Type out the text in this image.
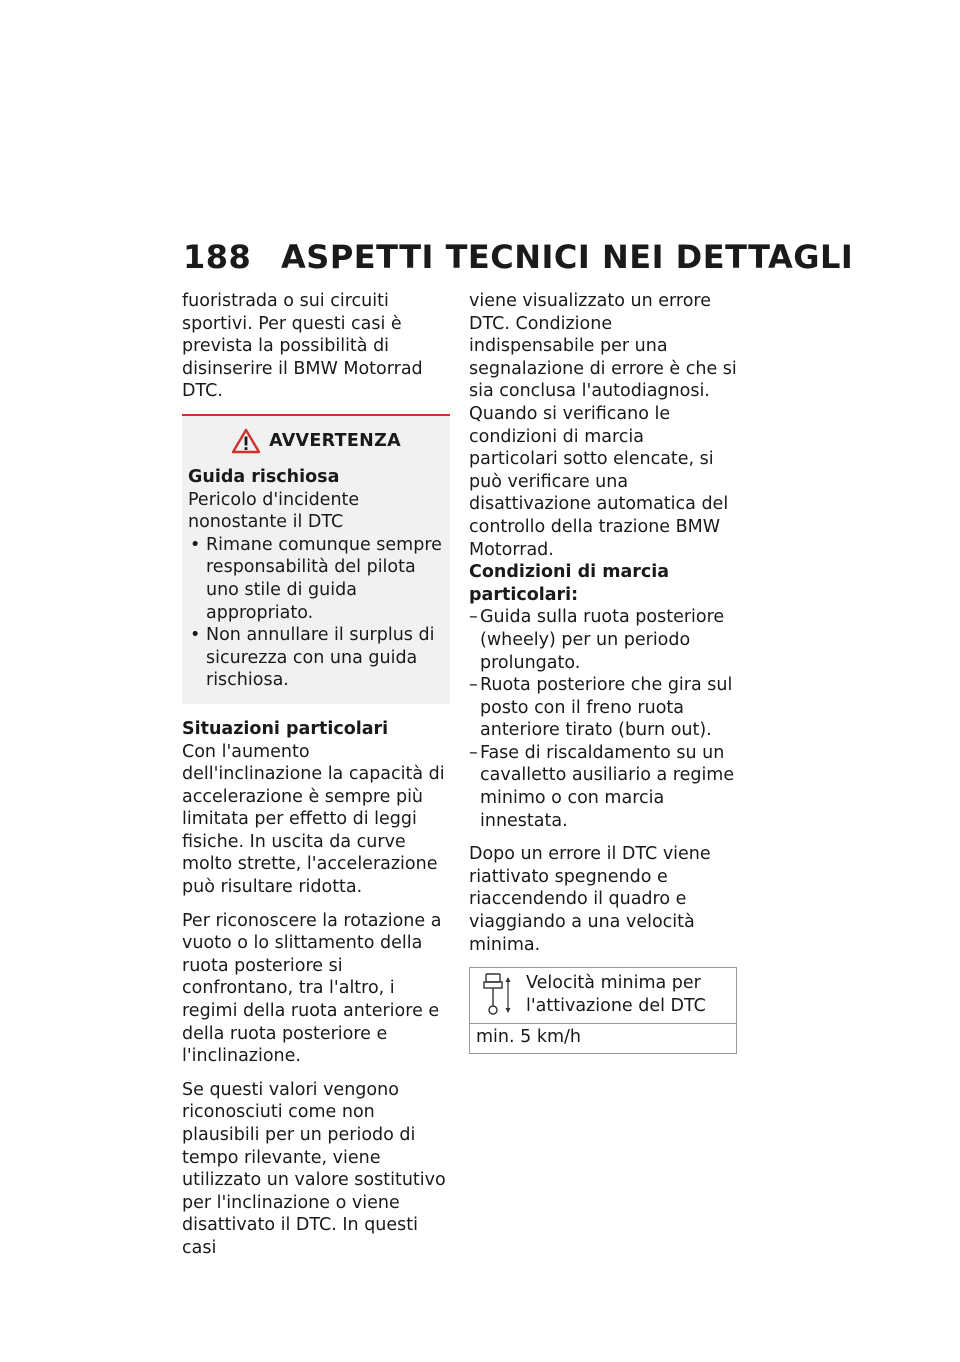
188 ASPETTI TECNICI NEI DETTAGLI

fuoristrada o sui circuiti sportivi. Per questi casi è prevista la possibilità di disinserire il BMW Motorrad DTC.

AVVERTENZA
Guida rischiosa
Pericolo d'incidente nonostante il DTC
• Rimane comunque sempre responsabilità del pilota uno stile di guida appropriato.
• Non annullare il surplus di sicurezza con una guida rischiosa.
Situazioni particolari

Con l'aumento dell'inclinazione la capacità di accelerazione è sempre più limitata per effetto di leggi fisiche. In uscita da curve molto strette, l'accelerazione può risultare ridotta.

Per riconoscere la rotazione a vuoto o lo slittamento della ruota posteriore si confrontano, tra l'altro, i regimi della ruota anteriore e della ruota posteriore e l'inclinazione.

Se questi valori vengono riconosciuti come non plausibili per un periodo di tempo rilevante, viene utilizzato un valore sostitutivo per l'inclinazione o viene disattivato il DTC. In questi casi

viene visualizzato un errore DTC. Condizione indispensabile per una segnalazione di errore è che si sia conclusa l'autodiagnosi.

Quando si verificano le condizioni di marcia particolari sotto elencate, si può verificare una disattivazione automatica del controllo della trazione BMW Motorrad.

Condizioni di marcia particolari:
– Guida sulla ruota posteriore (wheely) per un periodo prolungato.
– Ruota posteriore che gira sul posto con il freno ruota anteriore tirato (burn out).
– Fase di riscaldamento su un cavalletto ausiliario a regime minimo o con marcia innestata.

Dopo un errore il DTC viene riattivato spegnendo e riaccendendo il quadro e viaggiando a una velocità minima.

Velocità minima per l'attivazione del DTC
min. 5 km/h
